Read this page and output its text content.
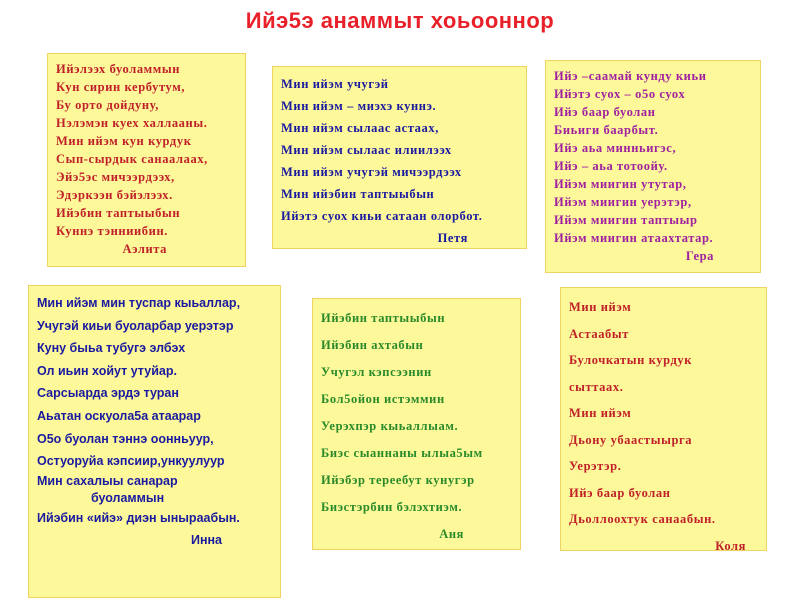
Ийэ5э анаммыт хоьооннор
Ийэлээх буоламмын
Кун сирин кербутум,
Бу орто дойдуну,
Нэлэмэн куех халлааны.
Мин ийэм кун курдук
Сып-сырдык санаалаах,
Эйэ5эс мичээрдээх,
Эдэркээн бэйэлээх.
Ийэбин таптыыбын
Куннэ тэнниибин.
Аэлита
Мин ийэм учугэй
Мин ийэм – миэхэ куннэ.
Мин ийэм сылаас астаах,
Мин ийэм сылаас илиилээх
Мин ийэм учугэй мичээрдээх
Мин ийэбин таптыыбын
Ийэтэ суох киьи сатаан олорбот.
Петя
Ийэ –саамай кунду киьи
Ийэтэ суох – о5о суох
Ийэ баар буолан
Биьиги баарбыт.
Ийэ аьа минньигэс,
Ийэ – аьа тотоойу.
Ийэм миигин утутар,
Ийэм миигин уерэтэр,
Ийэм миигин таптыыр
Ийэм миигин атаахтатар.
Гера
Мин ийэм мин туспар кыьаллар,
Учугэй киьи буоларбар уерэтэр
Куну быьа тубугэ элбэх
Ол иьин хойут утуйар.
Сарсыарда эрдэ туран
Аьатан оскуола5а атаарар
О5о буолан тэннэ оонньуур,
Остуоруйа кэпсиир,ункуулуур
Мин сахалыы санарар
буоламмын
Ийэбин «ийэ» диэн ыныраабын.
Инна
Ийэбин таптыыбын
Ийэбин ахтабын
Учугэл кэпсээнин
Бол5ойон истэммин
Уерэхпэр кыьаллыам.
Биэс сыаннаны ылыа5ым
Ийэбэр тереебут кунугэр
Биэстэрбин бэлэхтиэм.
Аня
Мин ийэм
Астаабыт
Булочкатын курдук
сыттаах.
Мин ийэм
Дьону убаастыырга
Уерэтэр.
Ийэ баар буолан
Дьоллоохтук санаабын.
Коля
